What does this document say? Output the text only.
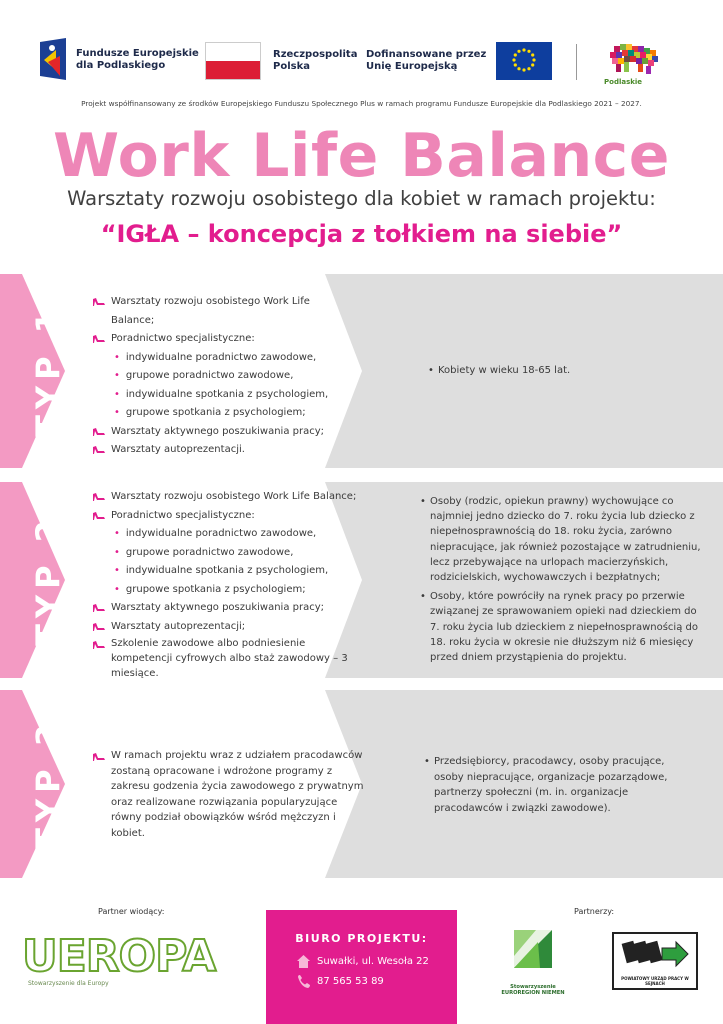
Fundusze Europejskie
dla Podlaskiego
Rzeczpospolita
Polska
Dofinansowane przez
Unię Europejską
Podlaskie
Projekt współfinansowany ze środków Europejskiego Funduszu Społecznego Plus w ramach programu Fundusze Europejskie dla Podlaskiego 2021 – 2027.
Work Life Balance
Warsztaty rozwoju osobistego dla kobiet w ramach projektu:
“IGŁA – koncepcja z tołkiem na siebie”
TYP 1
Warsztaty rozwoju osobistego Work Life Balance;
Poradnictwo specjalistyczne:
• indywidualne poradnictwo zawodowe,
• grupowe poradnictwo zawodowe,
• indywidualne spotkania z psychologiem,
• grupowe spotkania z psychologiem;
Warsztaty aktywnego poszukiwania pracy;
Warsztaty autoprezentacji.
• Kobiety w wieku 18-65 lat.
TYP 2
Warsztaty rozwoju osobistego Work Life Balance;
Poradnictwo specjalistyczne:
• indywidualne poradnictwo zawodowe,
• grupowe poradnictwo zawodowe,
• indywidualne spotkania z psychologiem,
• grupowe spotkania z psychologiem;
Warsztaty aktywnego poszukiwania pracy;
Warsztaty autoprezentacji;
Szkolenie zawodowe albo podniesienie kompetencji cyfrowych albo staż zawodowy – 3 miesiące.
• Osoby (rodzic, opiekun prawny) wychowujące co najmniej jedno dziecko do 7. roku życia lub dziecko z niepełnosprawnością do 18. roku życia, zarówno niepracujące, jak również pozostające w zatrudnieniu, lecz przebywające na urlopach macierzyńskich, rodzicielskich, wychowawczych i bezpłatnych;
• Osoby, które powróciły na rynek pracy po przerwie związanej ze sprawowaniem opieki nad dzieckiem do 7. roku życia lub dzieckiem z niepełnosprawnością do 18. roku życia w okresie nie dłuższym niż 6 miesięcy przed dniem przystąpienia do projektu.
TYP 3	W ramach projektu wraz z udziałem pracodawców zostaną opracowane i wdrożone programy z zakresu godzenia życia zawodowego z prywatnym oraz realizowane rozwiązania popularyzujące równy podział obowiązków wśród mężczyzn i kobiet.
• Przedsiębiorcy, pracodawcy, osoby pracujące, osoby niepracujące, organizacje pozarządowe, partnerzy społeczni (m. in. organizacje pracodawców i związki zawodowe).
Partner wiodący:
UEROPA
Stowarzyszenie dla Europy
BIURO PROJEKTU:
Suwałki, ul. Wesoła 22
87 565 53 89
Partnerzy:
Stowarzyszenie
EUROREGION NIEMEN
POWIATOWY URZĄD PRACY W SEJNACH
